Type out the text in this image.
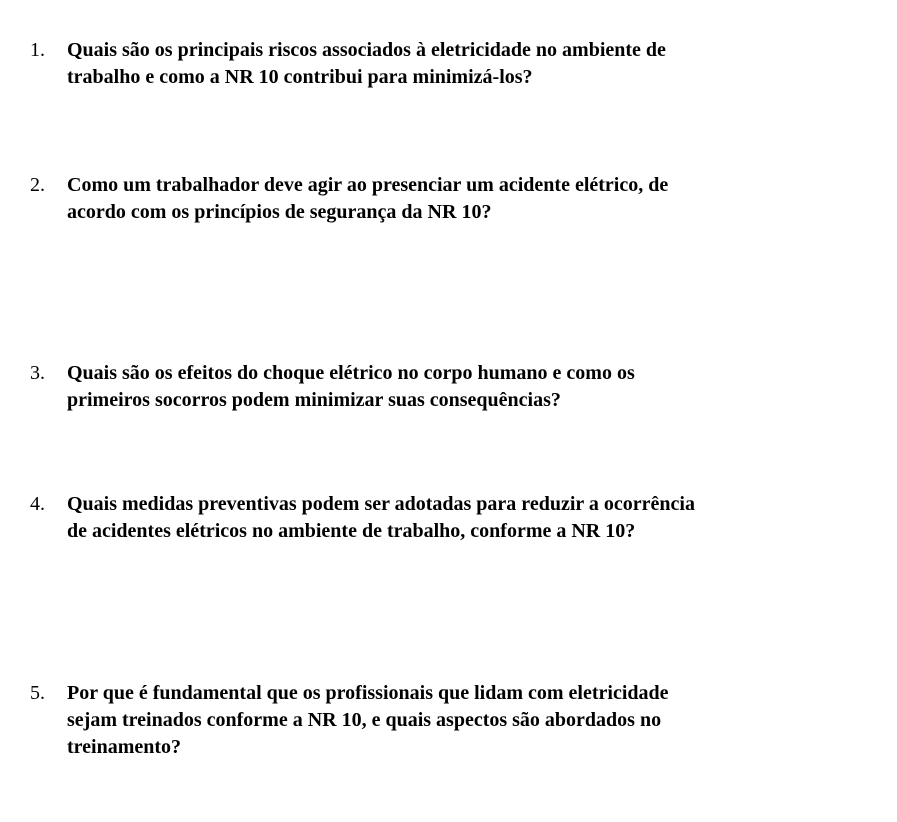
1.	Quais são os principais riscos associados à eletricidade no ambiente de
trabalho e como a NR 10 contribui para minimizá-los?
2.	Como um trabalhador deve agir ao presenciar um acidente elétrico, de
acordo com os princípios de segurança da NR 10?
3.	Quais são os efeitos do choque elétrico no corpo humano e como os
primeiros socorros podem minimizar suas consequências?
4.	Quais medidas preventivas podem ser adotadas para reduzir a ocorrência
de acidentes elétricos no ambiente de trabalho, conforme a NR 10?
5.	Por que é fundamental que os profissionais que lidam com eletricidade
sejam treinados conforme a NR 10, e quais aspectos são abordados no
treinamento?
